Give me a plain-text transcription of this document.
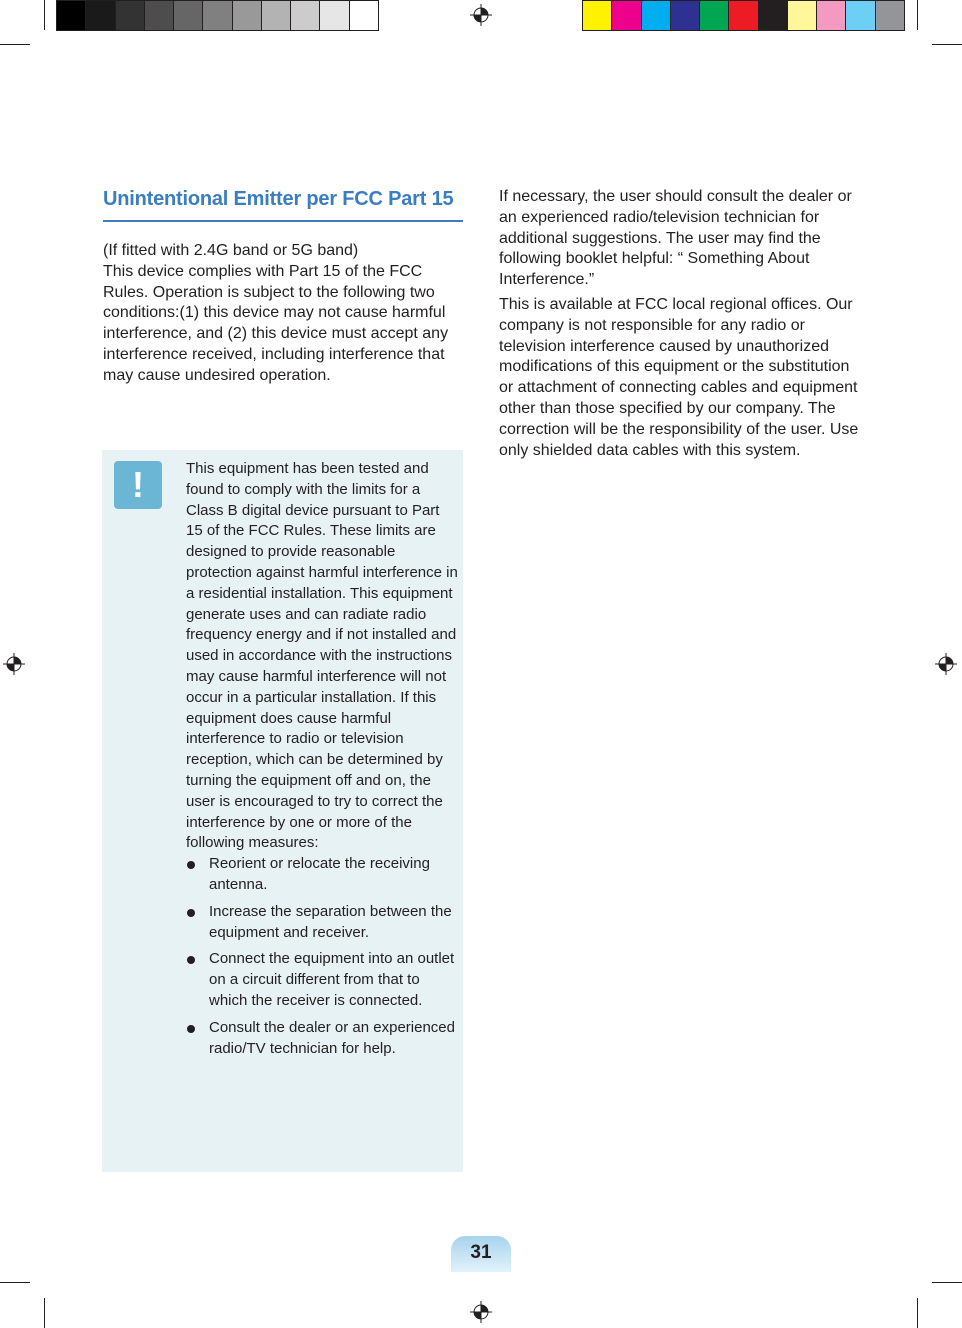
Unintentional Emitter per FCC Part 15

(If fitted with 2.4G band or 5G band)

This device complies with Part 15 of the FCC Rules. Operation is subject to the following two conditions:(1) this device may not cause harmful interference, and (2) this device must accept any interference received, including interference that may cause undesired operation.

!	This equipment has been tested and found to comply with the limits for a Class B digital device pursuant to Part 15 of the FCC Rules. These limits are designed to provide reasonable protection against harmful interference in a residential installation. This equipment generate uses and can radiate radio frequency energy and if not installed and used in accordance with the instructions may cause harmful interference will not occur in a particular installation. If this equipment does cause harmful interference to radio or television reception, which can be determined by turning the equipment off and on, the user is encouraged to try to correct the interference by one or more of the following measures:

Reorient or relocate the receiving antenna.
Increase the separation between the equipment and receiver.
Connect the equipment into an outlet on a circuit different from that to which the receiver is connected.
Consult the dealer or an experienced radio/TV technician for help.

If necessary, the user should consult the dealer or an experienced radio/television technician for additional suggestions. The user may find the following booklet helpful: “ Something About Interference.”

This is available at FCC local regional offices. Our company is not responsible for any radio or television interference caused by unauthorized modifications of this equipment or the substitution or attachment of connecting cables and equipment other than those specified by our company. The correction will be the responsibility of the user. Use only shielded data cables with this system.

31
